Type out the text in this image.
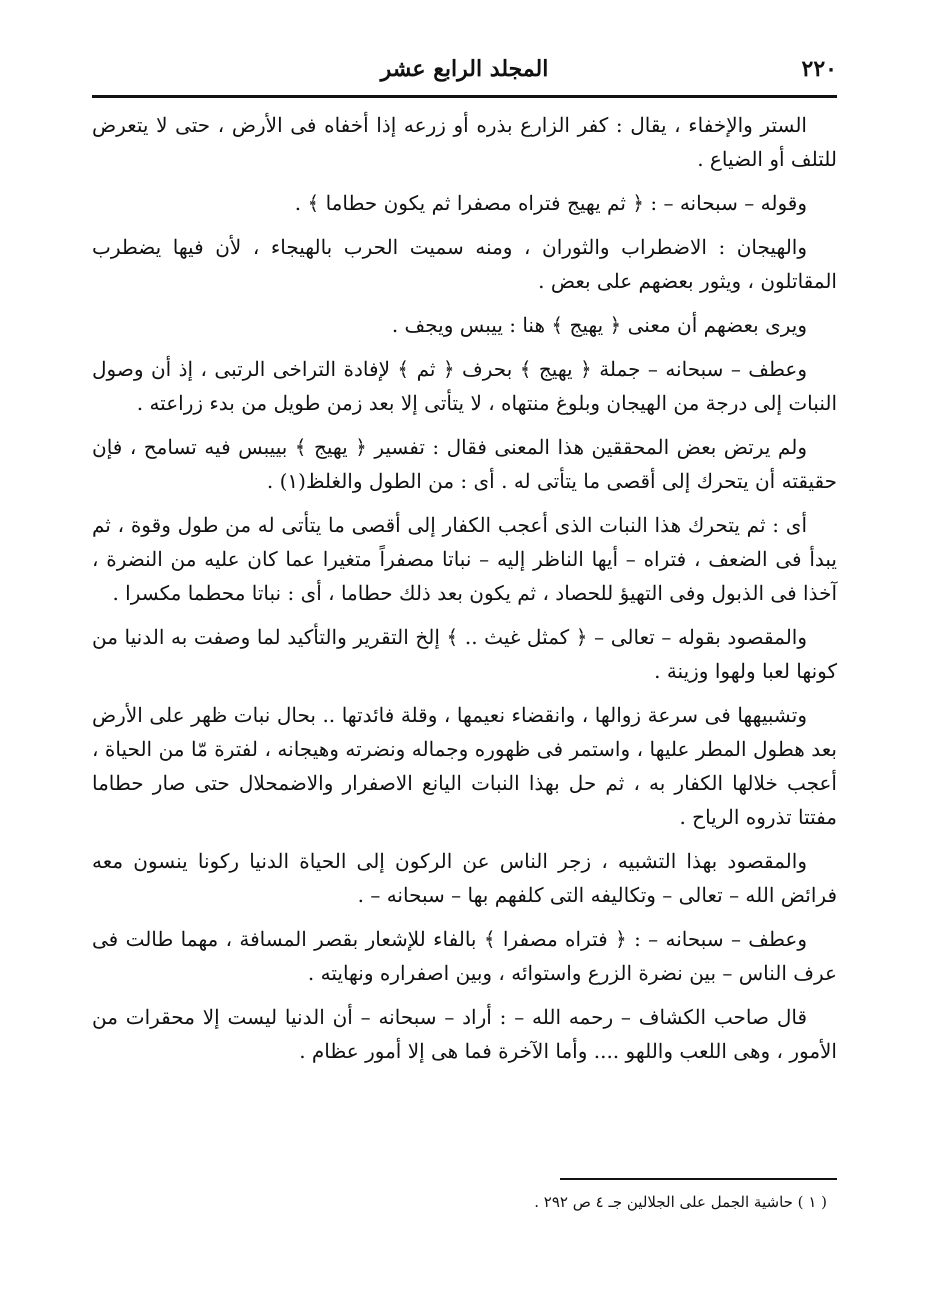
٢٢٠
المجلد الرابع عشر

الستر والإخفاء ، يقال : كفر الزارع بذره أو زرعه إذا أخفاه فى الأرض ، حتى لا يتعرض للتلف أو الضياع .

وقوله – سبحانه – : ﴿ ثم يهيج فتراه مصفرا ثم يكون حطاما ﴾ .

والهيجان : الاضطراب والثوران ، ومنه سميت الحرب بالهيجاء ، لأن فيها يضطرب المقاتلون ، ويثور بعضهم على بعض .

ويرى بعضهم أن معنى ﴿ يهيج ﴾ هنا : ييبس ويجف .

وعطف – سبحانه – جملة ﴿ يهيج ﴾ بحرف ﴿ ثم ﴾ لإفادة التراخى الرتبى ، إذ أن وصول النبات إلى درجة من الهيجان وبلوغ منتهاه ، لا يتأتى إلا بعد زمن طويل من بدء زراعته .

ولم يرتض بعض المحققين هذا المعنى فقال : تفسير ﴿ يهيج ﴾ بييبس فيه تسامح ، فإن حقيقته أن يتحرك إلى أقصى ما يتأتى له . أى : من الطول والغلظ(١) .

أى : ثم يتحرك هذا النبات الذى أعجب الكفار إلى أقصى ما يتأتى له من طول وقوة ، ثم يبدأ فى الضعف ، فتراه – أيها الناظر إليه – نباتا مصفراً متغيرا عما كان عليه من النضرة ، آخذا فى الذبول وفى التهيؤ للحصاد ، ثم يكون بعد ذلك حطاما ، أى : نباتا محطما مكسرا .

والمقصود بقوله – تعالى – ﴿ كمثل غيث .. ﴾ إلخ التقرير والتأكيد لما وصفت به الدنيا من كونها لعبا ولهوا وزينة .

وتشبيهها فى سرعة زوالها ، وانقضاء نعيمها ، وقلة فائدتها .. بحال نبات ظهر على الأرض بعد هطول المطر عليها ، واستمر فى ظهوره وجماله ونضرته وهيجانه ، لفترة مّا من الحياة ، أعجب خلالها الكفار به ، ثم حل بهذا النبات اليانع الاصفرار والاضمحلال حتى صار حطاما مفتتا تذروه الرياح .

والمقصود بهذا التشبيه ، زجر الناس عن الركون إلى الحياة الدنيا ركونا ينسون معه فرائض الله – تعالى – وتكاليفه التى كلفهم بها – سبحانه – .

وعطف – سبحانه – : ﴿ فتراه مصفرا ﴾ بالفاء للإشعار بقصر المسافة ، مهما طالت فى عرف الناس – بين نضرة الزرع واستوائه ، وبين اصفراره ونهايته .

قال صاحب الكشاف – رحمه الله – : أراد – سبحانه – أن الدنيا ليست إلا محقرات من الأمور ، وهى اللعب واللهو .... وأما الآخرة فما هى إلا أمور عظام .

( ١ ) حاشية الجمل على الجلالين جـ ٤ ص ٢٩٢ .
